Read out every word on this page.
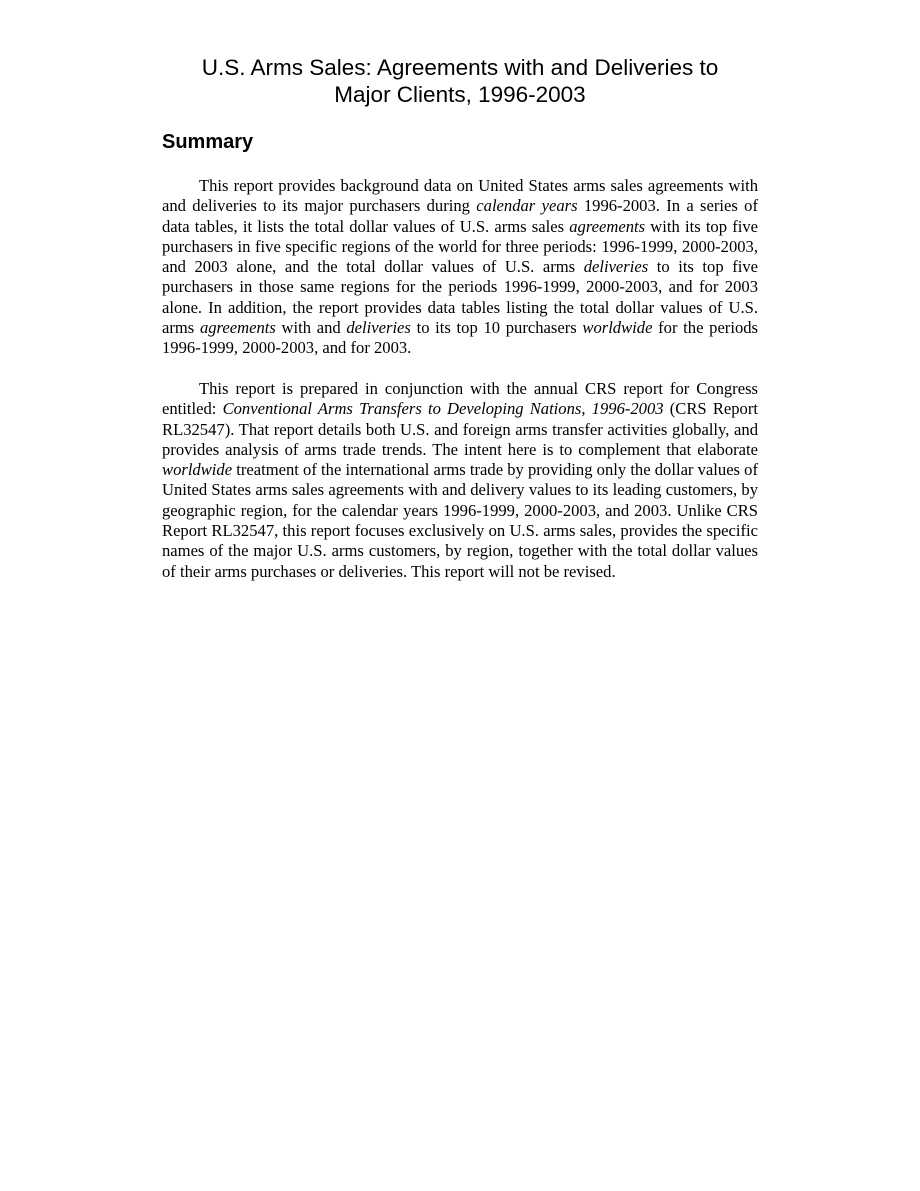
U.S. Arms Sales: Agreements with and Deliveries to
Major Clients, 1996-2003
Summary

This report provides background data on United States arms sales agreements with and deliveries to its major purchasers during calendar years 1996-2003. In a series of data tables, it lists the total dollar values of U.S. arms sales agreements with its top five purchasers in five specific regions of the world for three periods: 1996-1999, 2000-2003, and 2003 alone, and the total dollar values of U.S. arms deliveries to its top five purchasers in those same regions for the periods 1996-1999, 2000-2003, and for 2003 alone. In addition, the report provides data tables listing the total dollar values of U.S. arms agreements with and deliveries to its top 10 purchasers worldwide for the periods 1996-1999, 2000-2003, and for 2003.

This report is prepared in conjunction with the annual CRS report for Congress entitled: Conventional Arms Transfers to Developing Nations, 1996-2003 (CRS Report RL32547). That report details both U.S. and foreign arms transfer activities globally, and provides analysis of arms trade trends. The intent here is to complement that elaborate worldwide treatment of the international arms trade by providing only the dollar values of United States arms sales agreements with and delivery values to its leading customers, by geographic region, for the calendar years 1996-1999, 2000-2003, and 2003. Unlike CRS Report RL32547, this report focuses exclusively on U.S. arms sales, provides the specific names of the major U.S. arms customers, by region, together with the total dollar values of their arms purchases or deliveries. This report will not be revised.
